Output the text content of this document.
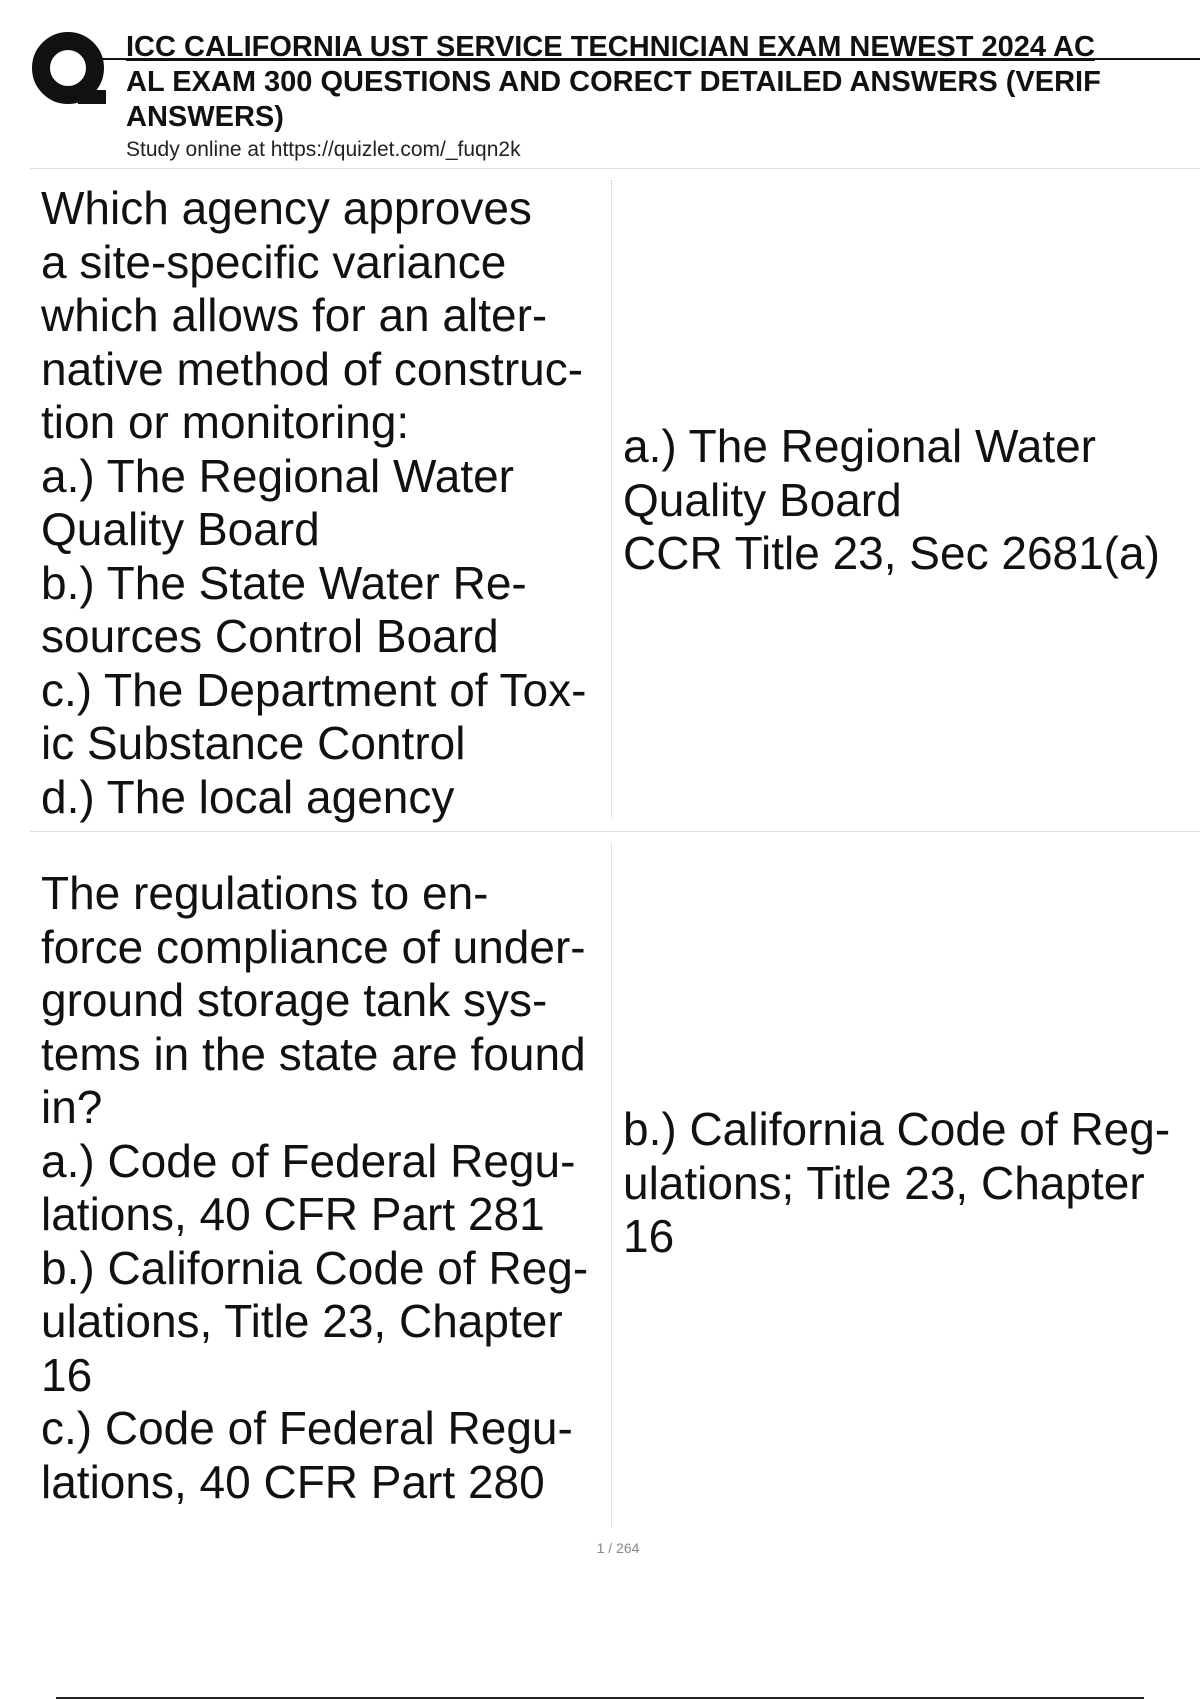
ICC CALIFORNIA UST SERVICE TECHNICIAN EXAM NEWEST 2024 AC
AL EXAM 300 QUESTIONS AND CORECT DETAILED ANSWERS (VERIF
ANSWERS)
Study online at https://quizlet.com/_fuqn2k
Which agency approves
a site-specific variance
which allows for an alter-
native method of construc-
tion or monitoring:
a.) The Regional Water
Quality Board
b.) The State Water Re-
sources Control Board
c.) The Department of Tox-
ic Substance Control
d.) The local agency
a.) The Regional Water
Quality Board
CCR Title 23, Sec 2681(a)
The regulations to en-
force compliance of under-
ground storage tank sys-
tems in the state are found
in?
a.) Code of Federal Regu-
lations, 40 CFR Part 281
b.) California Code of Reg-
ulations, Title 23, Chapter
16
c.) Code of Federal Regu-
lations, 40 CFR Part 280
b.) California Code of Reg-
ulations; Title 23, Chapter
16
1 / 264
